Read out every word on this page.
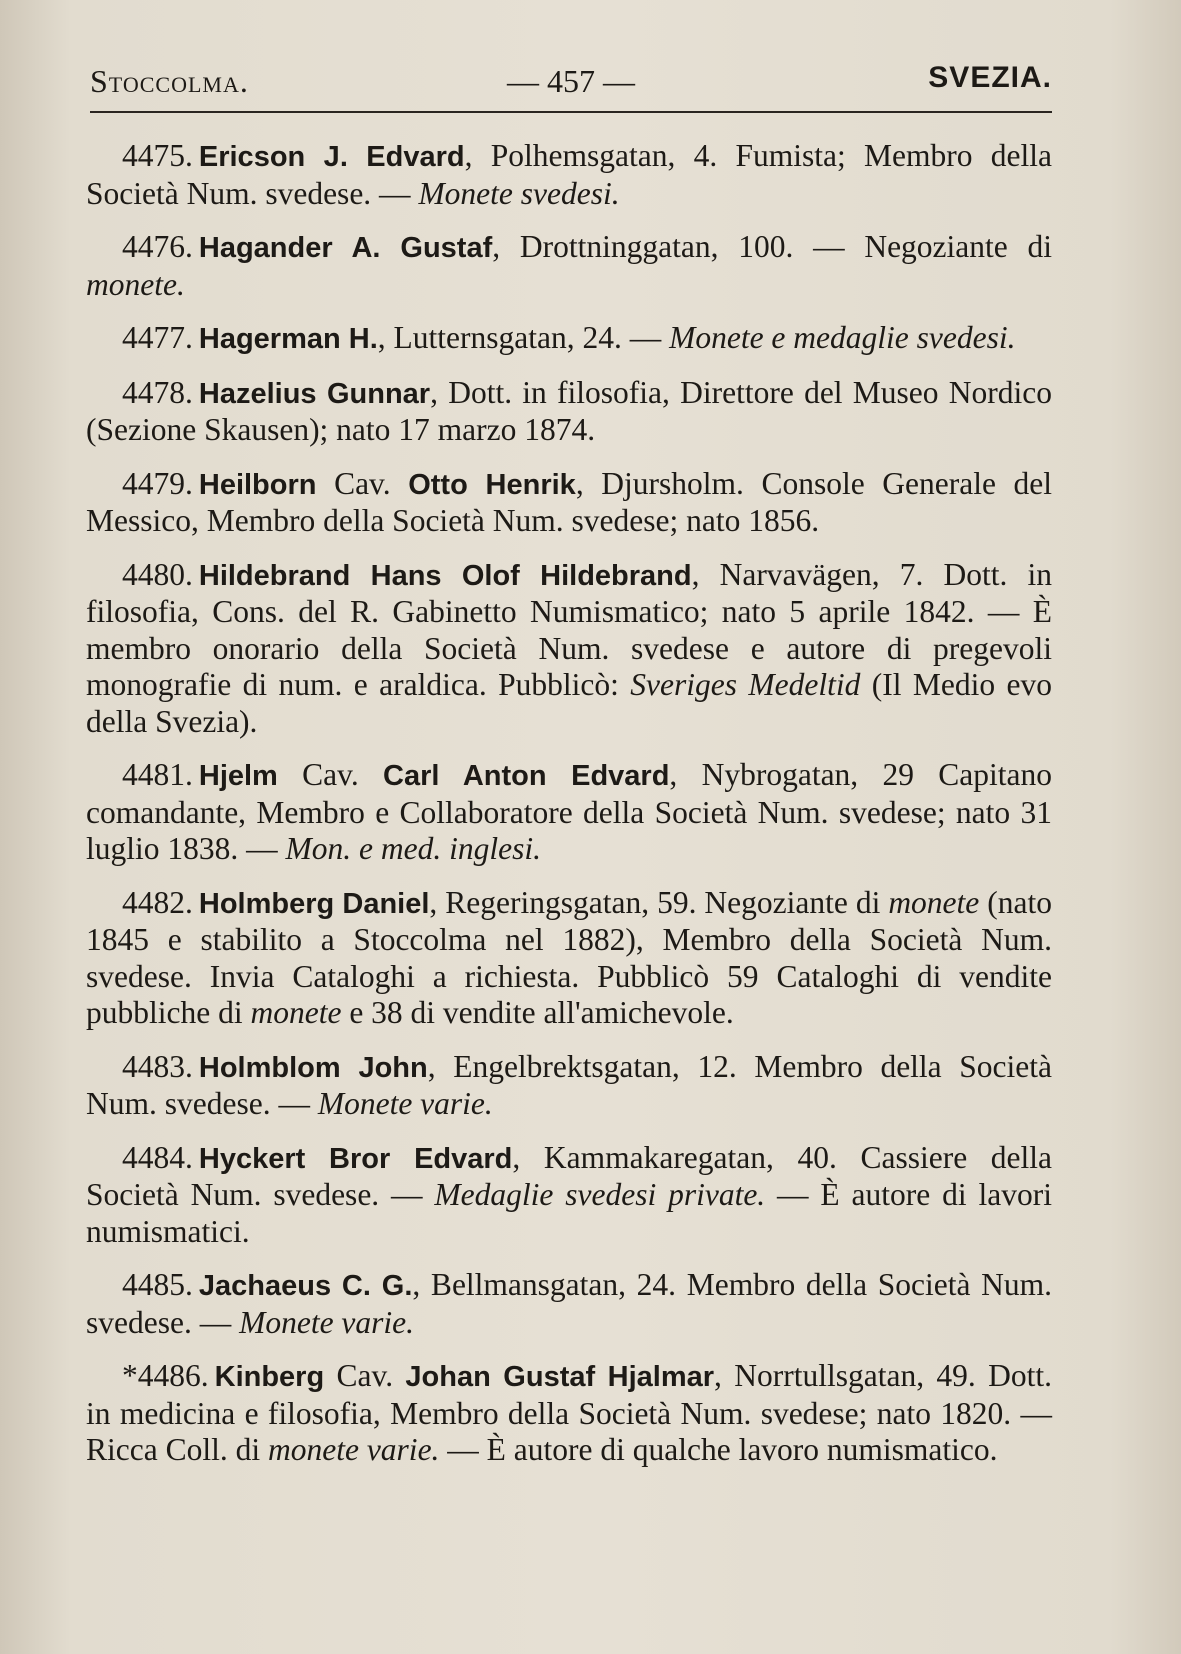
Stoccolma.	— 457 —	SVEZIA.

4475. Ericson J. Edvard, Polhemsgatan, 4. Fumista; Membro della Società Num. svedese. — Monete svedesi.

4476. Hagander A. Gustaf, Drottninggatan, 100. — Negoziante di monete.

4477. Hagerman H., Lutternsgatan, 24. — Monete e medaglie svedesi.

4478. Hazelius Gunnar, Dott. in filosofia, Direttore del Museo Nordico (Sezione Skausen); nato 17 marzo 1874.

4479. Heilborn Cav. Otto Henrik, Djursholm. Console Generale del Messico, Membro della Società Num. svedese; nato 1856.

4480. Hildebrand Hans Olof Hildebrand, Narvavägen, 7. Dott. in filosofia, Cons. del R. Gabinetto Numismatico; nato 5 aprile 1842. — È membro onorario della Società Num. svedese e autore di pregevoli monografie di num. e araldica. Pubblicò: Sveriges Medeltid (Il Medio evo della Svezia).

4481. Hjelm Cav. Carl Anton Edvard, Nybrogatan, 29 Capitano comandante, Membro e Collaboratore della Società Num. svedese; nato 31 luglio 1838. — Mon. e med. inglesi.

4482. Holmberg Daniel, Regeringsgatan, 59. Negoziante di monete (nato 1845 e stabilito a Stoccolma nel 1882), Membro della Società Num. svedese. Invia Cataloghi a richiesta. Pubblicò 59 Cataloghi di vendite pubbliche di monete e 38 di vendite all'amichevole.

4483. Holmblom John, Engelbrektsgatan, 12. Membro della Società Num. svedese. — Monete varie.

4484. Hyckert Bror Edvard, Kammakaregatan, 40. Cassiere della Società Num. svedese. — Medaglie svedesi private. — È autore di lavori numismatici.

4485. Jachaeus C. G., Bellmansgatan, 24. Membro della Società Num. svedese. — Monete varie.

*4486. Kinberg Cav. Johan Gustaf Hjalmar, Norrtullsgatan, 49. Dott. in medicina e filosofia, Membro della Società Num. svedese; nato 1820. — Ricca Coll. di monete varie. — È autore di qualche lavoro numismatico.
